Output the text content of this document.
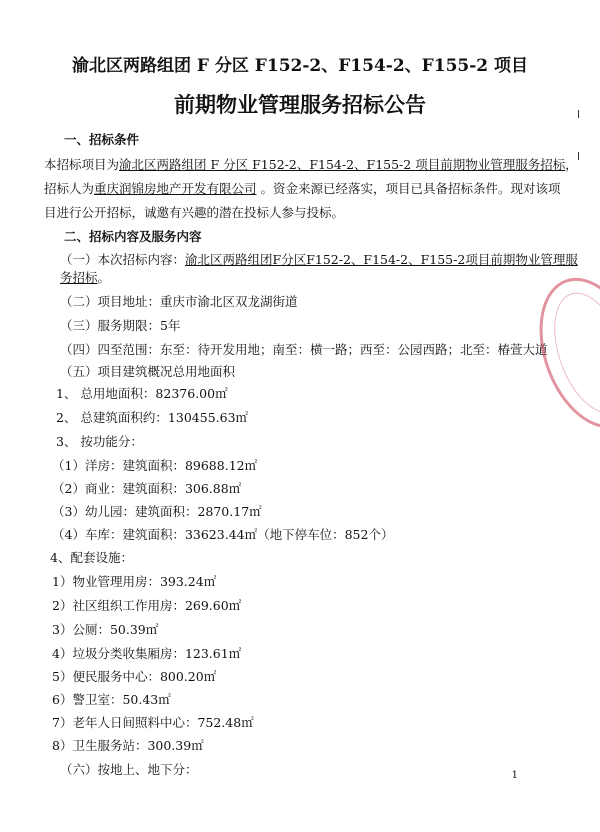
渝北区两路组团 F 分区 F152-2、F154-2、F155-2 项目
前期物业管理服务招标公告
一、招标条件
本招标项目为渝北区两路组团 F 分区 F152-2、F154-2、F155-2 项目前期物业管理服务招标，
招标人为重庆润锦房地产开发有限公司 。资金来源已经落实，项目已具备招标条件。现对该项
目进行公开招标，诚邀有兴趣的潜在投标人参与投标。
二、招标内容及服务内容
（一）本次招标内容：渝北区两路组团F分区F152-2、F154-2、F155-2项目前期物业管理服
务招标。
（二）项目地址：重庆市渝北区双龙湖街道
（三）服务期限：5年
（四）四至范围：东至：待开发用地；南至：横一路；西至：公园西路；北至：椿萱大道
（五）项目建筑概况总用地面积
1、 总用地面积：82376.00㎡
2、 总建筑面积约：130455.63㎡
3、 按功能分：
（1）洋房：建筑面积：89688.12㎡
（2）商业：建筑面积：306.88㎡
（3）幼儿园：建筑面积：2870.17㎡
（4）车库：建筑面积：33623.44㎡（地下停车位：852个）
4、配套设施：
1）物业管理用房：393.24㎡
2）社区组织工作用房：269.60㎡
3）公厕：50.39㎡
4）垃圾分类收集厢房：123.61㎡
5）便民服务中心：800.20㎡
6）警卫室：50.43㎡
7）老年人日间照料中心：752.48㎡
8）卫生服务站：300.39㎡
（六）按地上、地下分：	1
